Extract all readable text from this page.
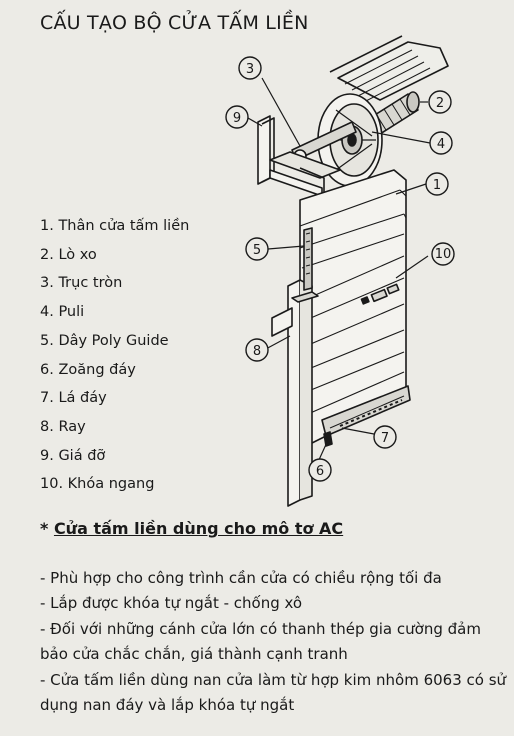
CẤU TẠO BỘ CỬA TẤM LIỀN
1
2
3
4
5
6
7
8
9
10
1. Thân cửa tấm liền
2. Lò xo
3. Trục tròn
4. Puli
5. Dây Poly Guide
6. Zoăng đáy
7. Lá đáy
8. Ray
9. Giá đỡ
10. Khóa ngang
* Cửa tấm liền dùng cho mô tơ AC
- Phù hợp cho công trình cần cửa có chiều rộng tối đa
- Lắp được khóa tự ngắt - chống xô
- Đối với những cánh cửa lớn có thanh thép gia cường đảm bảo cửa chắc chắn, giá thành cạnh tranh
- Cửa tấm liền dùng nan cửa làm từ hợp kim nhôm 6063 có sử dụng nan đáy và lắp khóa tự ngắt
